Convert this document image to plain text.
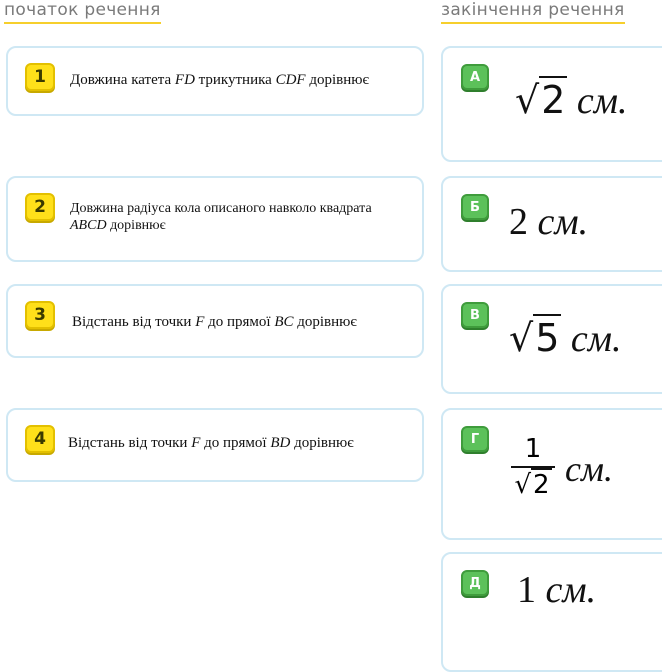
початок речення	закінчення речення
1	Довжина катета FD трикутника CDF дорівнює
2	Довжина радіуса кола описаного навколо квадрата
ABCD дорівнює
3	Відстань від точки F до прямої BC дорівнює
4	Відстань від точки F до прямої BD дорівнює
А
√2 см.
Б 2 см.
В
√5 см.
Г	1
√2 см.
Д 1 см.
